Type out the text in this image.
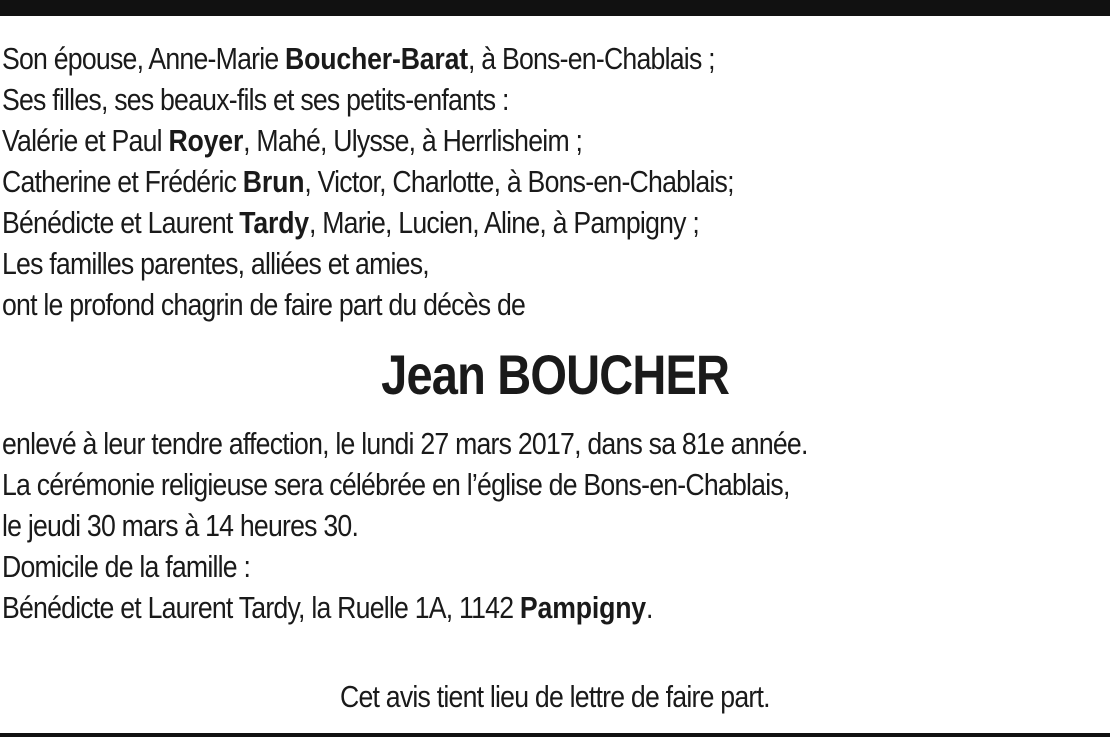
Son épouse, Anne-Marie Boucher-Barat, à Bons-en-Chablais ;
Ses filles, ses beaux-fils et ses petits-enfants :
Valérie et Paul Royer, Mahé, Ulysse, à Herrlisheim ;
Catherine et Frédéric Brun, Victor, Charlotte, à Bons-en-Chablais;
Bénédicte et Laurent Tardy, Marie, Lucien, Aline, à Pampigny ;
Les familles parentes, alliées et amies,
ont le profond chagrin de faire part du décès de
Jean BOUCHER
enlevé à leur tendre affection, le lundi 27 mars 2017, dans sa 81e année.
La cérémonie religieuse sera célébrée en l’église de Bons-en-Chablais,
le jeudi 30 mars à 14 heures 30.
Domicile de la famille :
Bénédicte et Laurent Tardy, la Ruelle 1A, 1142 Pampigny.
Cet avis tient lieu de lettre de faire part.
